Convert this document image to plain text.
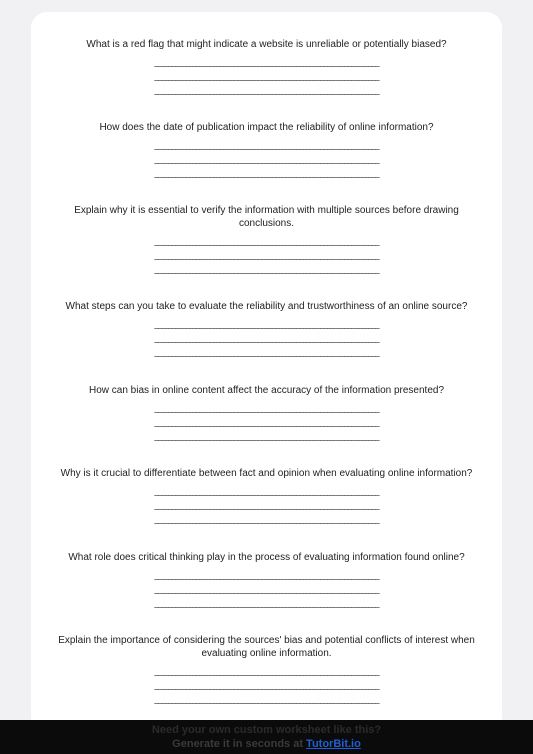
What is a red flag that might indicate a website is unreliable or potentially biased?
_________________________________________________________________
_________________________________________________________________
_________________________________________________________________
How does the date of publication impact the reliability of online information?
_________________________________________________________________
_________________________________________________________________
_________________________________________________________________
Explain why it is essential to verify the information with multiple sources before drawing conclusions.
_________________________________________________________________
_________________________________________________________________
_________________________________________________________________
What steps can you take to evaluate the reliability and trustworthiness of an online source?
_________________________________________________________________
_________________________________________________________________
_________________________________________________________________
How can bias in online content affect the accuracy of the information presented?
_________________________________________________________________
_________________________________________________________________
_________________________________________________________________
Why is it crucial to differentiate between fact and opinion when evaluating online information?
_________________________________________________________________
_________________________________________________________________
_________________________________________________________________
What role does critical thinking play in the process of evaluating information found online?
_________________________________________________________________
_________________________________________________________________
_________________________________________________________________
Explain the importance of considering the sources' bias and potential conflicts of interest when evaluating online information.
_________________________________________________________________
_________________________________________________________________
_________________________________________________________________
Need your own custom worksheet like this?
Generate it in seconds at TutorBit.io
